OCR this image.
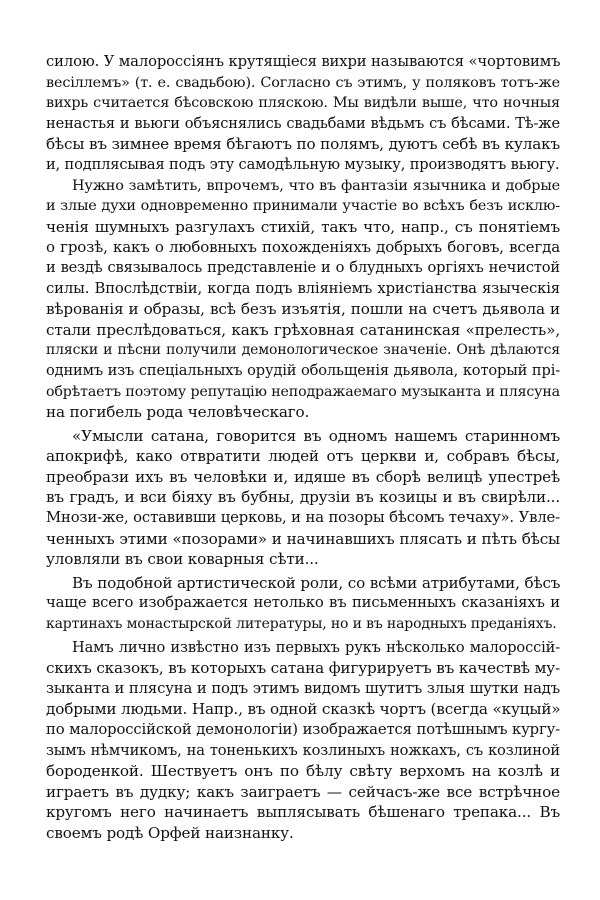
силою. У малороссіянъ крутящіеся вихри называются «чортовимъ
весіллемъ» (т. е. свадьбою). Согласно съ этимъ, у поляковъ тотъ-же
вихрь считается бѣсовскою пляскою. Мы видѣли выше, что ночныя
ненастья и вьюги объяснялись свадьбами вѣдьмъ съ бѣсами. Тѣ-же
бѣсы въ зимнее время бѣгаютъ по полямъ, дуютъ себѣ въ кулакъ
и, подплясывая подъ эту самодѣльную музыку, производятъ вьюгу.

Нужно замѣтить, впрочемъ, что въ фантазіи язычника и добрые
и злые духи одновременно принимали участіе во всѣхъ безъ исклю-
ченія шумныхъ разгулахъ стихій, такъ что, напр., съ понятіемъ
о грозѣ, какъ о любовныхъ похожденіяхъ добрыхъ боговъ, всегда
и вездѣ связывалось представленіе и о блудныхъ оргіяхъ нечистой
силы. Впослѣдствіи, когда подъ вліяніемъ христіанства языческія
вѣрованія и образы, всѣ безъ изъятія, пошли на счетъ дьявола и
стали преслѣдоваться, какъ грѣховная сатанинская «прелесть»,
пляски и пѣсни получили демонологическое значеніе. Онѣ дѣлаются
однимъ изъ спеціальныхъ орудій обольщенія дьявола, который прі-
обрѣтаетъ поэтому репутацію неподражаемаго музыканта и плясуна
на погибель рода человѣческаго.

«Умысли сатана, говорится въ одномъ нашемъ старинномъ
апокрифѣ, како отвратити людей отъ церкви и, собравъ бѣсы,
преобрази ихъ въ человѣки и, идяше въ сборѣ велицѣ упестреѣ
въ градъ, и вси біяху въ бубны, друзіи въ козицы и въ свирѣли...
Мнози-же, оставивши церковь, и на позоры бѣсомъ течаху». Увле-
ченныхъ этими «позорами» и начинавшихъ плясать и пѣть бѣсы
уловляли въ свои коварныя сѣти...

Въ подобной артистической роли, со всѣми атрибутами, бѣсъ
чаще всего изображается нетолько въ письменныхъ сказаніяхъ и
картинахъ монастырской литературы, но и въ народныхъ преданіяхъ.

Намъ лично извѣстно изъ первыхъ рукъ нѣсколько малороссій-
скихъ сказокъ, въ которыхъ сатана фигурируетъ въ качествѣ му-
зыканта и плясуна и подъ этимъ видомъ шутитъ злыя шутки надъ
добрыми людьми. Напр., въ одной сказкѣ чортъ (всегда «куцый»
по малороссійской демонологіи) изображается потѣшнымъ кургу-
зымъ нѣмчикомъ, на тоненькихъ козлиныхъ ножкахъ, съ козлиной
бороденкой. Шествуетъ онъ по бѣлу свѣту верхомъ на козлѣ и
играетъ въ дудку; какъ заиграетъ — сейчасъ-же все встрѣчное
кругомъ него начинаетъ выплясывать бѣшенаго трепака... Въ
своемъ родѣ Орфей наизнанку.
